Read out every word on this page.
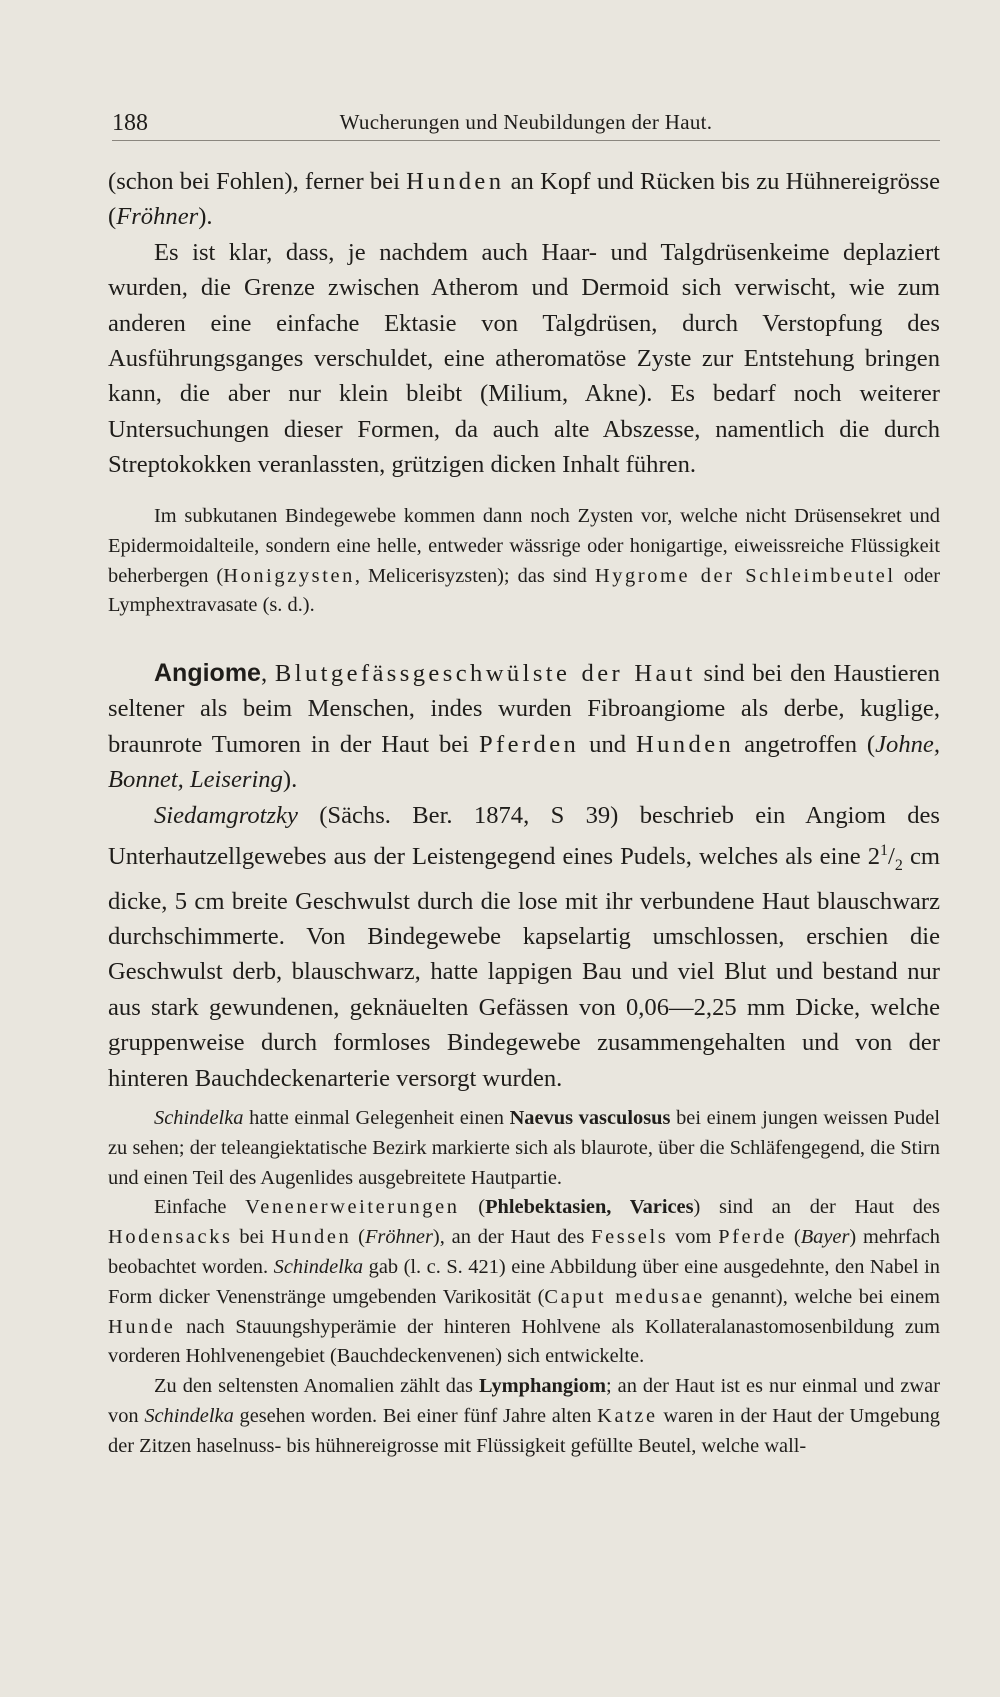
188	Wucherungen und Neubildungen der Haut.

(schon bei Fohlen), ferner bei Hunden an Kopf und Rücken bis zu Hühnereigrösse (Fröhner).

Es ist klar, dass, je nachdem auch Haar- und Talgdrüsenkeime deplaziert wurden, die Grenze zwischen Atherom und Dermoid sich verwischt, wie zum anderen eine einfache Ektasie von Talgdrüsen, durch Verstopfung des Ausführungsganges verschuldet, eine atheromatöse Zyste zur Entstehung bringen kann, die aber nur klein bleibt (Milium, Akne). Es bedarf noch weiterer Untersuchungen dieser Formen, da auch alte Abszesse, namentlich die durch Streptokokken veranlassten, grützigen dicken Inhalt führen.

Im subkutanen Bindegewebe kommen dann noch Zysten vor, welche nicht Drüsensekret und Epidermoidalteile, sondern eine helle, entweder wässrige oder honigartige, eiweissreiche Flüssigkeit beherbergen (Honigzysten, Melicerisyzsten); das sind Hygrome der Schleimbeutel oder Lymphextravasate (s. d.).

Angiome, Blutgefässgeschwülste der Haut sind bei den Haustieren seltener als beim Menschen, indes wurden Fibroangiome als derbe, kuglige, braunrote Tumoren in der Haut bei Pferden und Hunden angetroffen (Johne, Bonnet, Leisering).

Siedamgrotzky (Sächs. Ber. 1874, S 39) beschrieb ein Angiom des Unterhautzellgewebes aus der Leistengegend eines Pudels, welches als eine $2^1/_2$ cm dicke, 5 cm breite Geschwulst durch die lose mit ihr verbundene Haut blauschwarz durchschimmerte. Von Bindegewebe kapselartig umschlossen, erschien die Geschwulst derb, blauschwarz, hatte lappigen Bau und viel Blut und bestand nur aus stark gewundenen, geknäuelten Gefässen von 0,06—2,25 mm Dicke, welche gruppenweise durch formloses Bindegewebe zusammengehalten und von der hinteren Bauchdeckenarterie versorgt wurden.

Schindelka hatte einmal Gelegenheit einen Naevus vasculosus bei einem jungen weissen Pudel zu sehen; der teleangiektatische Bezirk markierte sich als blaurote, über die Schläfengegend, die Stirn und einen Teil des Augenlides ausgebreitete Hautpartie.

Einfache Venenerweiterungen (Phlebektasien, Varices) sind an der Haut des Hodensacks bei Hunden (Fröhner), an der Haut des Fessels vom Pferde (Bayer) mehrfach beobachtet worden. Schindelka gab (l. c. S. 421) eine Abbildung über eine ausgedehnte, den Nabel in Form dicker Venenstränge umgebenden Varikosität (Caput medusae genannt), welche bei einem Hunde nach Stauungshyperämie der hinteren Hohlvene als Kollateralanastomosenbildung zum vorderen Hohlvenengebiet (Bauchdeckenvenen) sich entwickelte.

Zu den seltensten Anomalien zählt das Lymphangiom; an der Haut ist es nur einmal und zwar von Schindelka gesehen worden. Bei einer fünf Jahre alten Katze waren in der Haut der Umgebung der Zitzen haselnuss- bis hühnereigrosse mit Flüssigkeit gefüllte Beutel, welche wall-
